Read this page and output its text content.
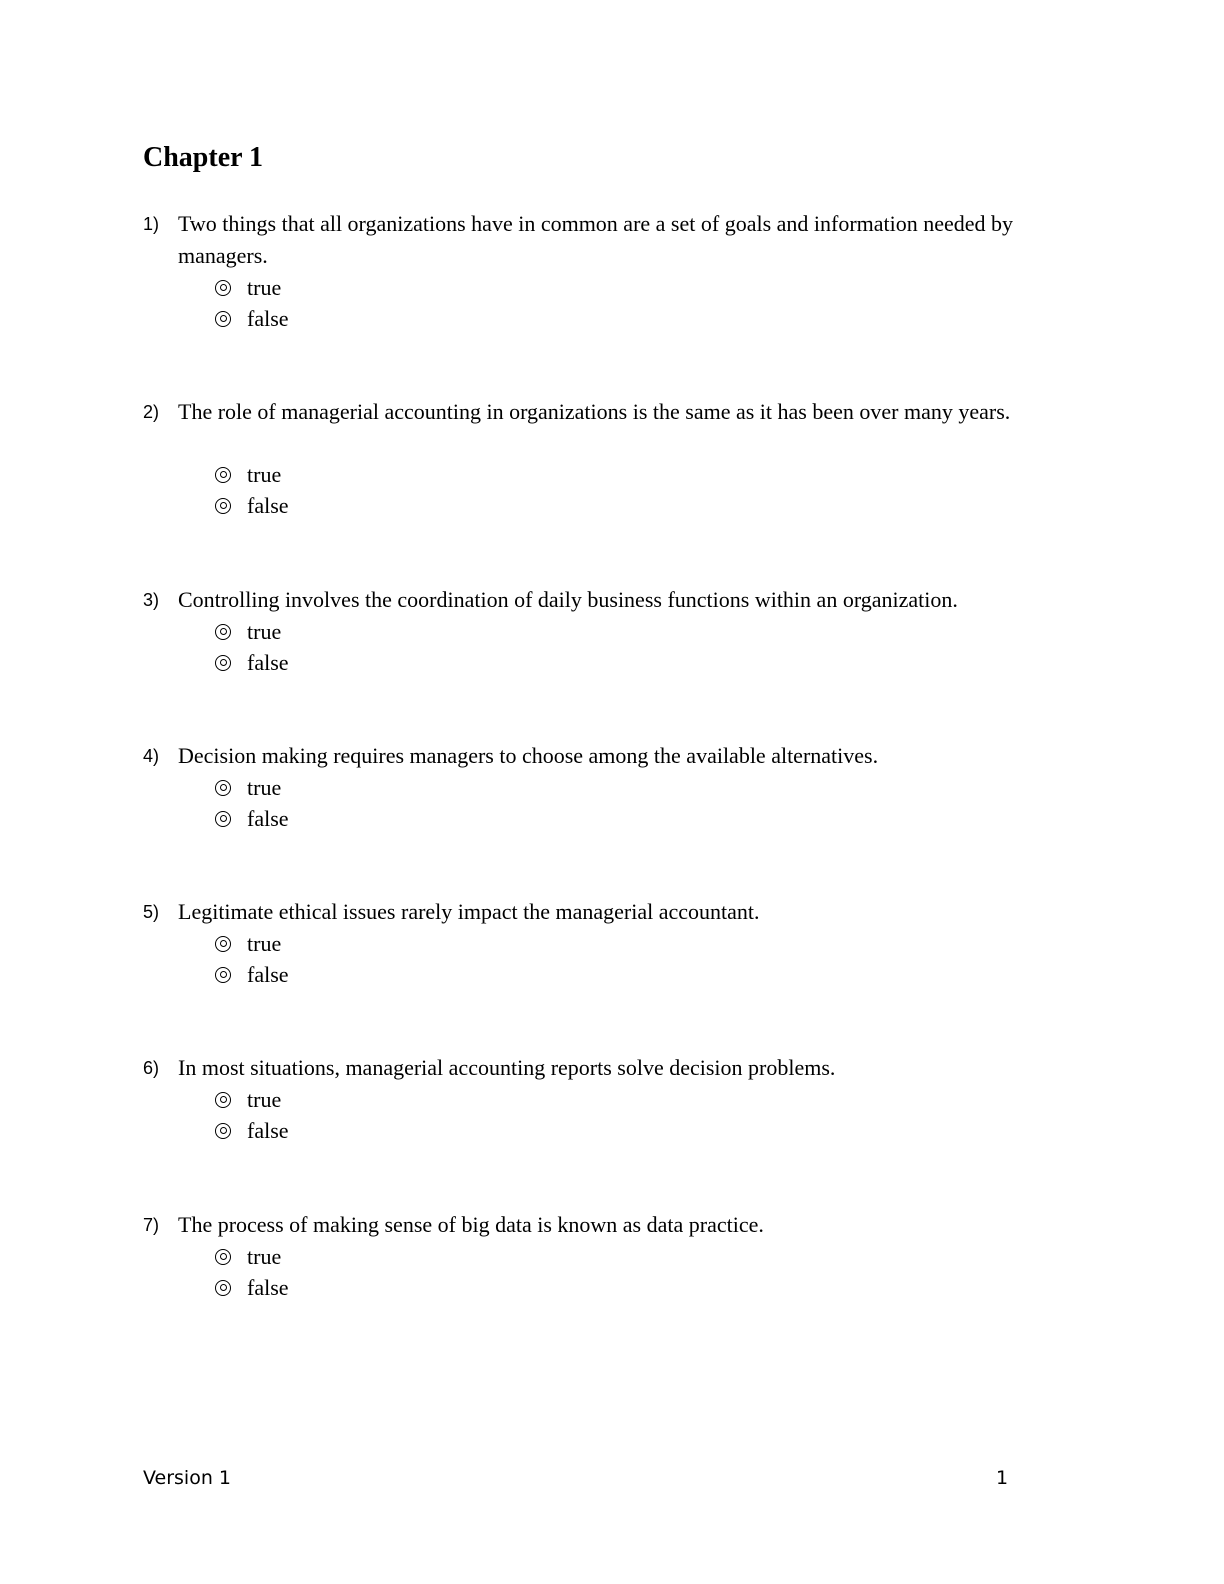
Chapter 1
1) Two things that all organizations have in common are a set of goals and information needed by managers.
true
false
2) The role of managerial accounting in organizations is the same as it has been over many years.
true
false
3) Controlling involves the coordination of daily business functions within an organization.
true
false
4) Decision making requires managers to choose among the available alternatives.
true
false
5) Legitimate ethical issues rarely impact the managerial accountant.
true
false
6) In most situations, managerial accounting reports solve decision problems.
true
false
7) The process of making sense of big data is known as data practice.
true
false
Version 1	1
